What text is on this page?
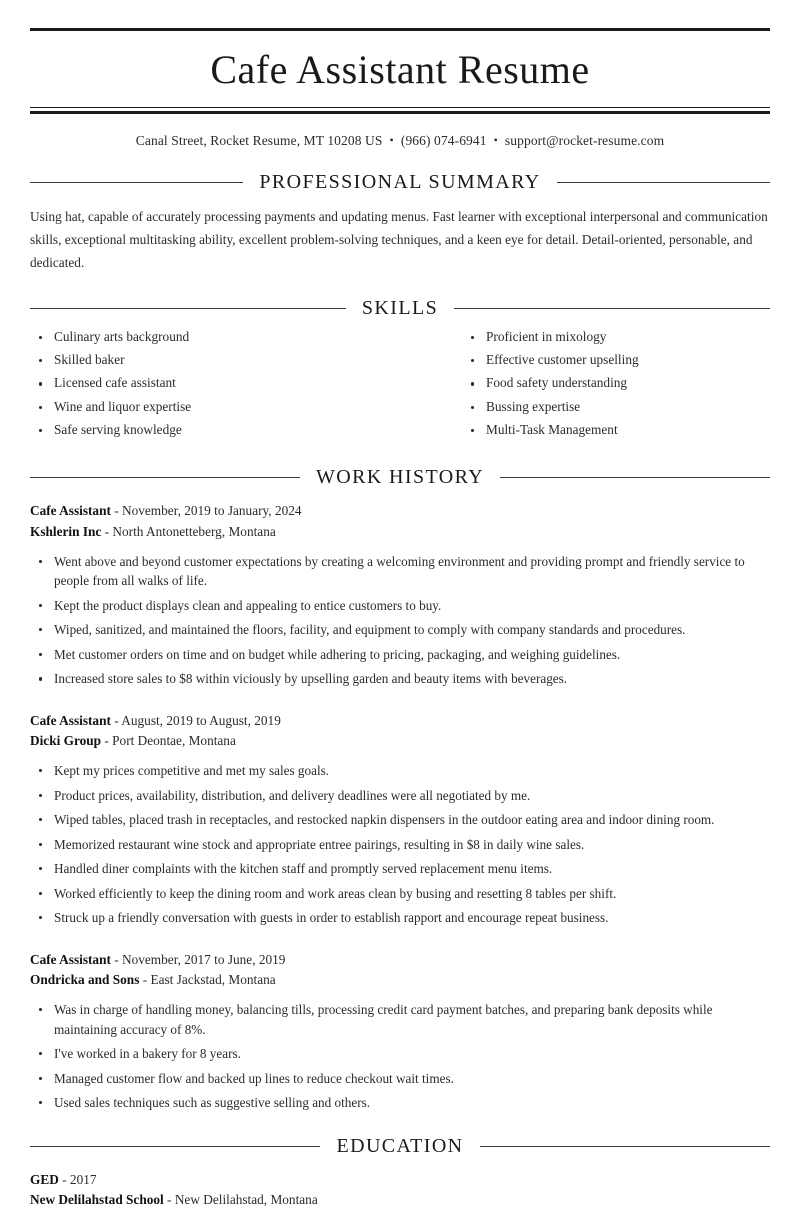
Cafe Assistant Resume
Canal Street, Rocket Resume, MT 10208 US • (966) 074-6941 • support@rocket-resume.com
PROFESSIONAL SUMMARY
Using hat, capable of accurately processing payments and updating menus. Fast learner with exceptional interpersonal and communication skills, exceptional multitasking ability, excellent problem-solving techniques, and a keen eye for detail. Detail-oriented, personable, and dedicated.
SKILLS
Culinary arts background
Skilled baker
Licensed cafe assistant
Wine and liquor expertise
Safe serving knowledge
Proficient in mixology
Effective customer upselling
Food safety understanding
Bussing expertise
Multi-Task Management
WORK HISTORY
Cafe Assistant - November, 2019 to January, 2024
Kshlerin Inc - North Antonetteberg, Montana
Went above and beyond customer expectations by creating a welcoming environment and providing prompt and friendly service to people from all walks of life.
Kept the product displays clean and appealing to entice customers to buy.
Wiped, sanitized, and maintained the floors, facility, and equipment to comply with company standards and procedures.
Met customer orders on time and on budget while adhering to pricing, packaging, and weighing guidelines.
Increased store sales to $8 within viciously by upselling garden and beauty items with beverages.
Cafe Assistant - August, 2019 to August, 2019
Dicki Group - Port Deontae, Montana
Kept my prices competitive and met my sales goals.
Product prices, availability, distribution, and delivery deadlines were all negotiated by me.
Wiped tables, placed trash in receptacles, and restocked napkin dispensers in the outdoor eating area and indoor dining room.
Memorized restaurant wine stock and appropriate entree pairings, resulting in $8 in daily wine sales.
Handled diner complaints with the kitchen staff and promptly served replacement menu items.
Worked efficiently to keep the dining room and work areas clean by busing and resetting 8 tables per shift.
Struck up a friendly conversation with guests in order to establish rapport and encourage repeat business.
Cafe Assistant - November, 2017 to June, 2019
Ondricka and Sons - East Jackstad, Montana
Was in charge of handling money, balancing tills, processing credit card payment batches, and preparing bank deposits while maintaining accuracy of 8%.
I've worked in a bakery for 8 years.
Managed customer flow and backed up lines to reduce checkout wait times.
Used sales techniques such as suggestive selling and others.
EDUCATION
GED - 2017
New Delilahstad School - New Delilahstad, Montana
